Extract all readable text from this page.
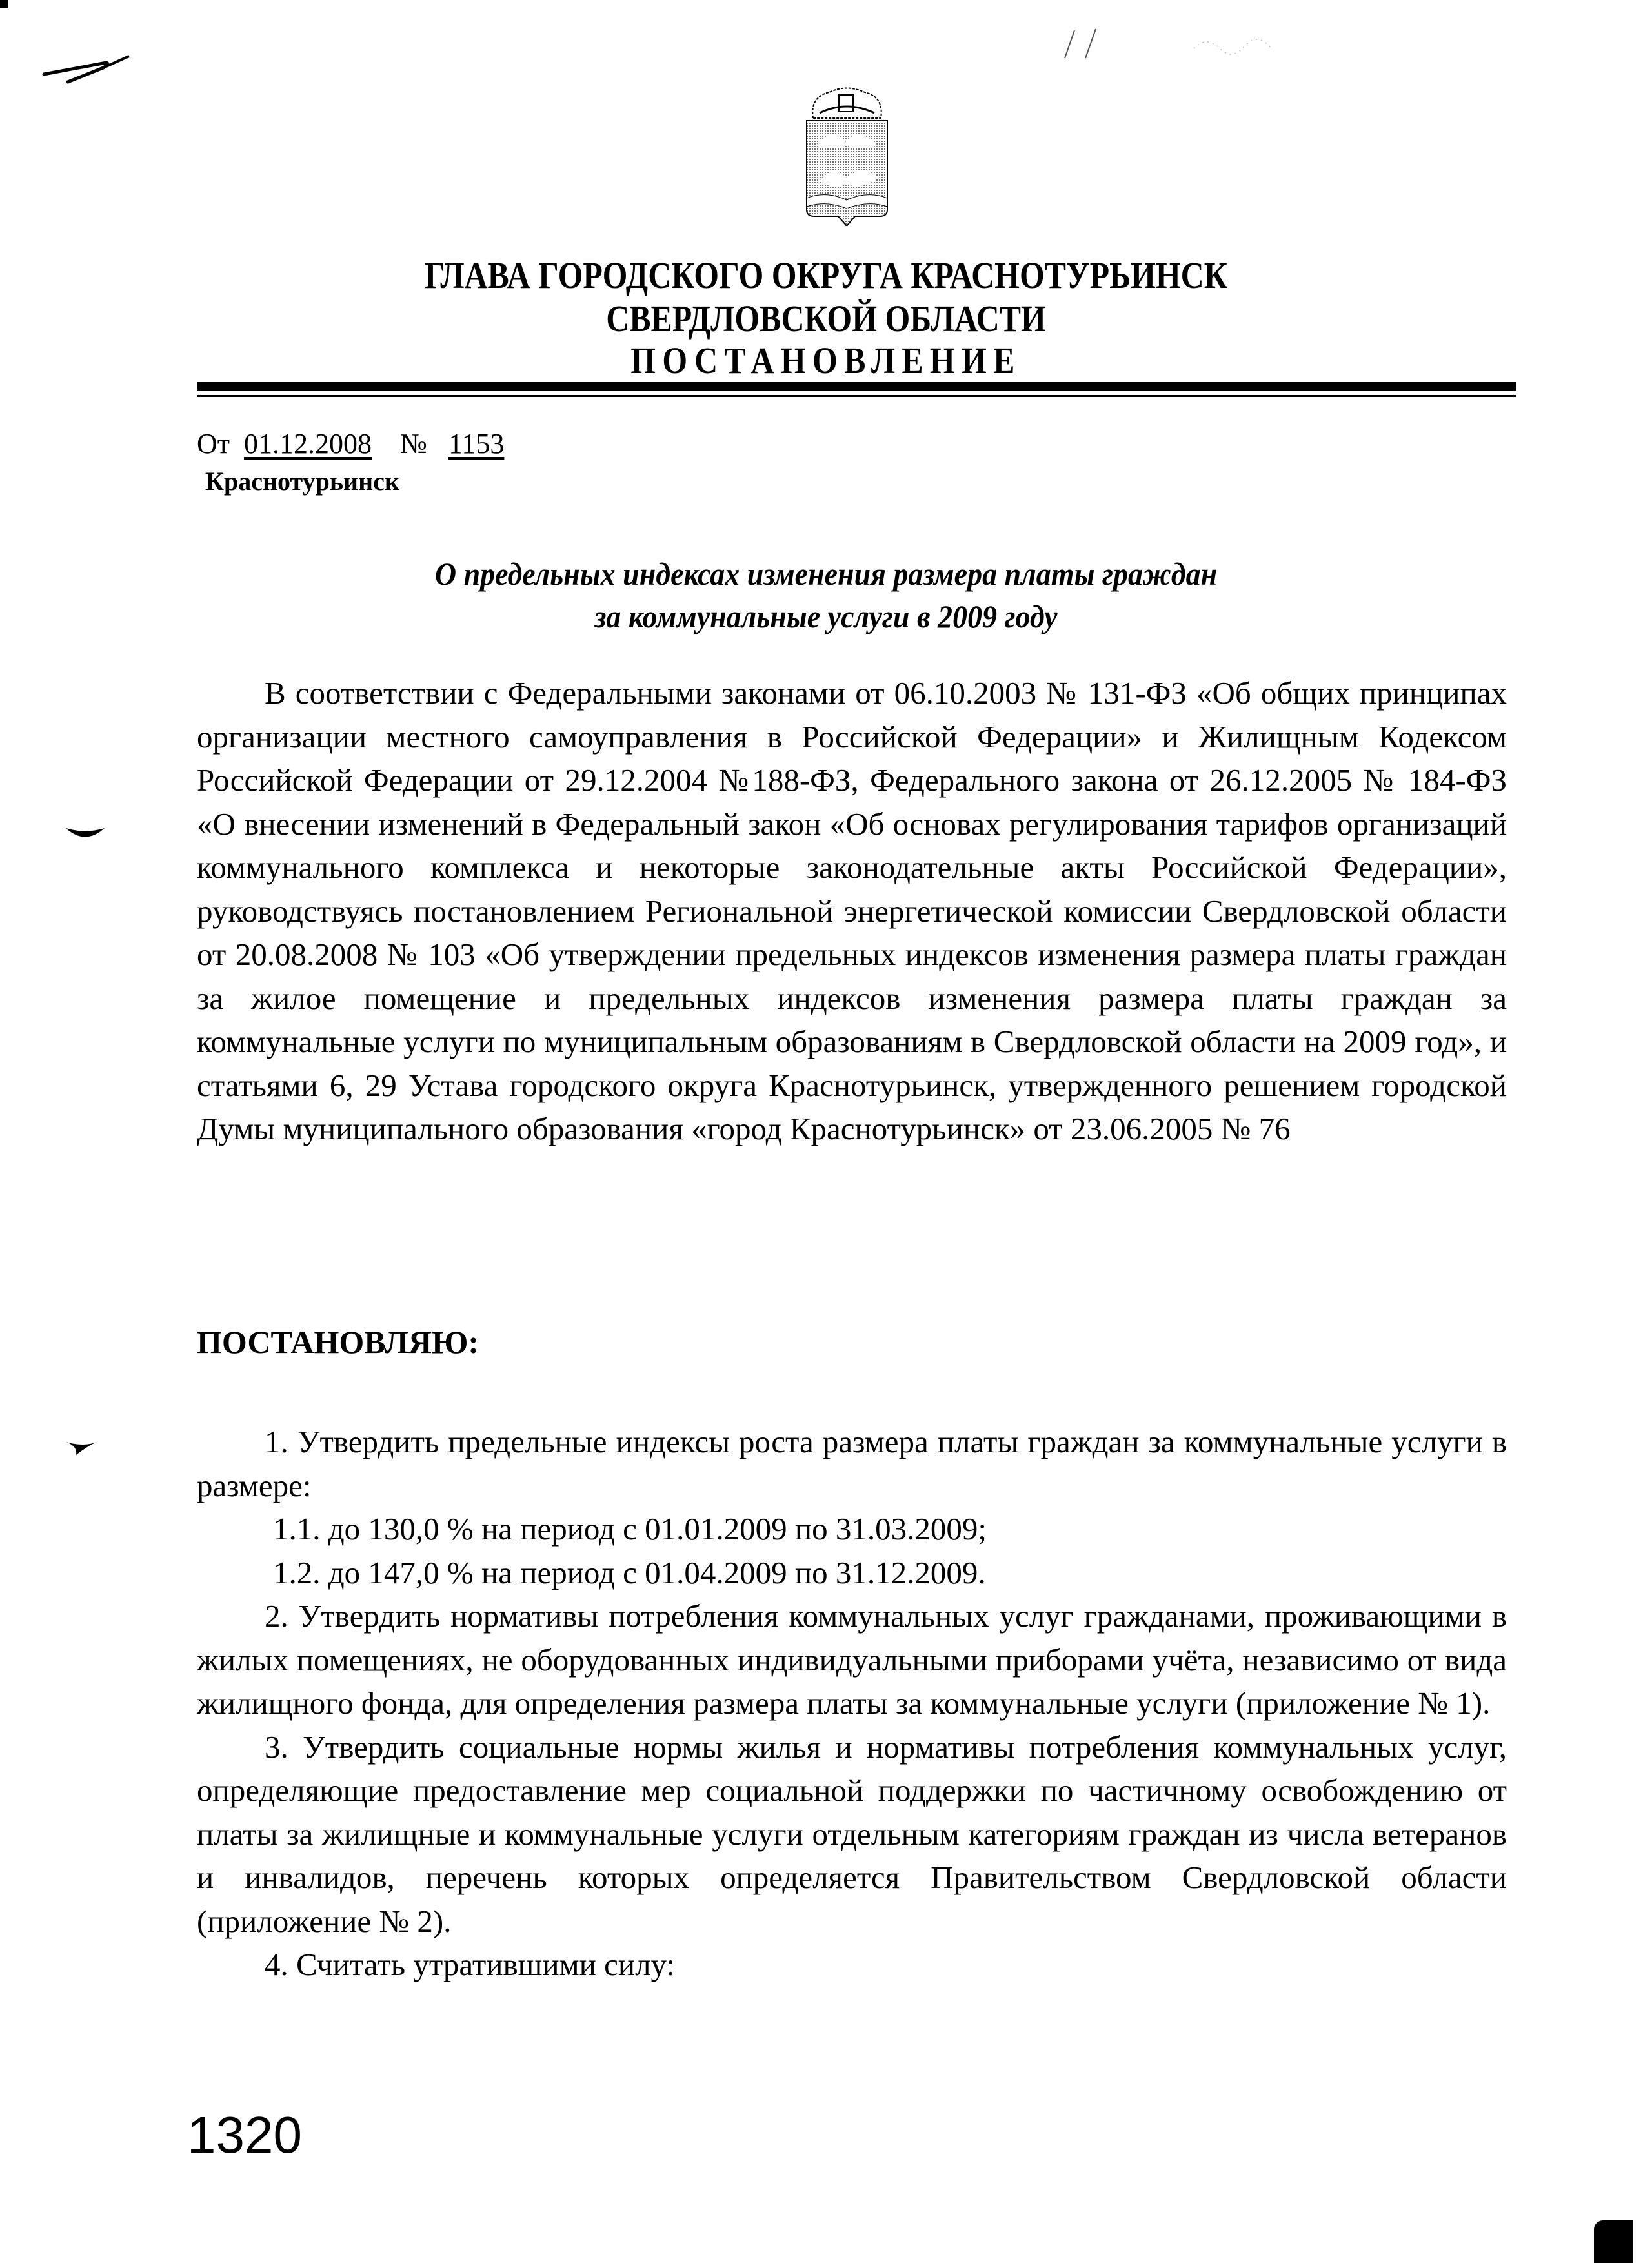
ГЛАВА ГОРОДСКОГО ОКРУГА КРАСНОТУРЬИНСК
СВЕРДЛОВСКОЙ ОБЛАСТИ
ПОСТАНОВЛЕНИЕ
От 01.12.2008 № 1153
Краснотурьинск
О предельных индексах изменения размера платы граждан
за коммунальные услуги в 2009 году
В соответствии с Федеральными законами от 06.10.2003 № 131-ФЗ «Об общих принципах организации местного самоуправления в Российской Федерации» и Жилищным Кодексом Российской Федерации от 29.12.2004 №188-ФЗ, Федерального закона от 26.12.2005 № 184-ФЗ «О внесении изменений в Федеральный закон «Об основах регулирования тарифов организаций коммунального комплекса и некоторые законодательные акты Российской Федерации», руководствуясь постановлением Региональной энергетической комиссии Свердловской области от 20.08.2008 № 103 «Об утверждении предельных индексов изменения размера платы граждан за жилое помещение и предельных индексов изменения размера платы граждан за коммунальные услуги по муниципальным образованиям в Свердловской области на 2009 год», и статьями 6, 29 Устава городского округа Краснотурьинск, утвержденного решением городской Думы муниципального образования «город Краснотурьинск» от 23.06.2005 № 76
ПОСТАНОВЛЯЮ:

1. Утвердить предельные индексы роста размера платы граждан за коммунальные услуги в размере:

1.1. до 130,0 % на период с 01.01.2009 по 31.03.2009;

1.2. до 147,0 % на период с 01.04.2009 по 31.12.2009.

2. Утвердить нормативы потребления коммунальных услуг гражданами, проживающими в жилых помещениях, не оборудованных индивидуальными приборами учёта, независимо от вида жилищного фонда, для определения размера платы за коммунальные услуги (приложение № 1).

3. Утвердить социальные нормы жилья и нормативы потребления коммунальных услуг, определяющие предоставление мер социальной поддержки по частичному освобождению от платы за жилищные и коммунальные услуги отдельным категориям граждан из числа ветеранов и инвалидов, перечень которых определяется Правительством Свердловской области (приложение № 2).

4. Считать утратившими силу:

1320
